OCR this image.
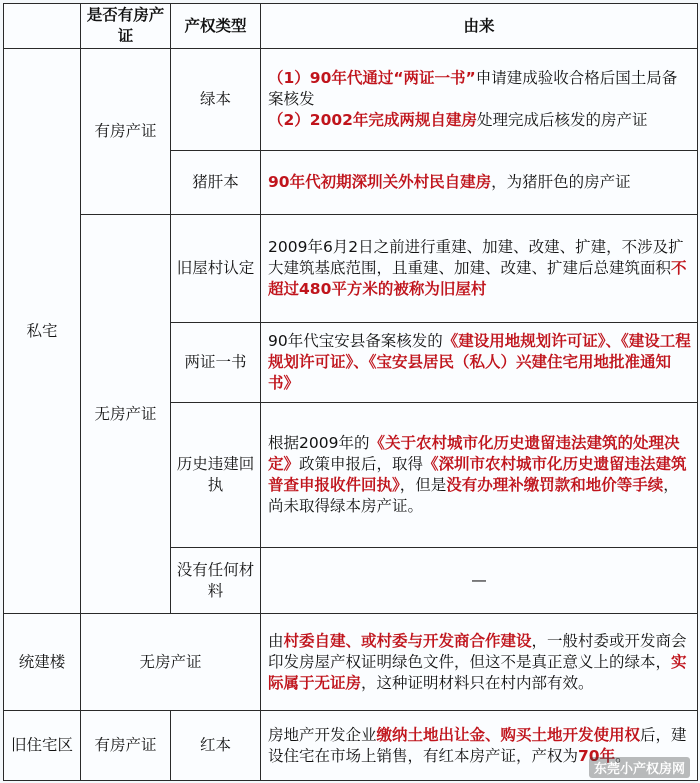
	是否有房产证	产权类型	由来
私宅	有房产证	绿本	（1）90年代通过“两证一书”申请建成验收合格后国土局备案核发
（2）2002年完成两规自建房处理完成后核发的房产证
		猪肝本	90年代初期深圳关外村民自建房，为猪肝色的房产证
	无房产证	旧屋村认定	2009年6月2日之前进行重建、加建、改建、扩建，不涉及扩大建筑基底范围，且重建、加建、改建、扩建后总建筑面积不超过480平方米的被称为旧屋村
		两证一书	90年代宝安县备案核发的《建设用地规划许可证》、《建设工程规划许可证》、《宝安县居民（私人）兴建住宅用地批准通知书》
		历史违建回执	根据2009年的《关于农村城市化历史遗留违法建筑的处理决定》政策申报后，取得《深圳市农村城市化历史遗留违法建筑普查申报收件回执》，但是没有办理补缴罚款和地价等手续，尚未取得绿本房产证。
		没有任何材料	—
统建楼	无房产证		由村委自建、或村委与开发商合作建设，一般村委或开发商会印发房屋产权证明绿色文件，但这不是真正意义上的绿本，实际属于无证房，这种证明材料只在村内部有效。
旧住宅区	有房产证	红本	房地产开发企业缴纳土地出让金、购买土地开发使用权后，建设住宅在市场上销售，有红本房产证，产权为70年。
东莞小产权房网
